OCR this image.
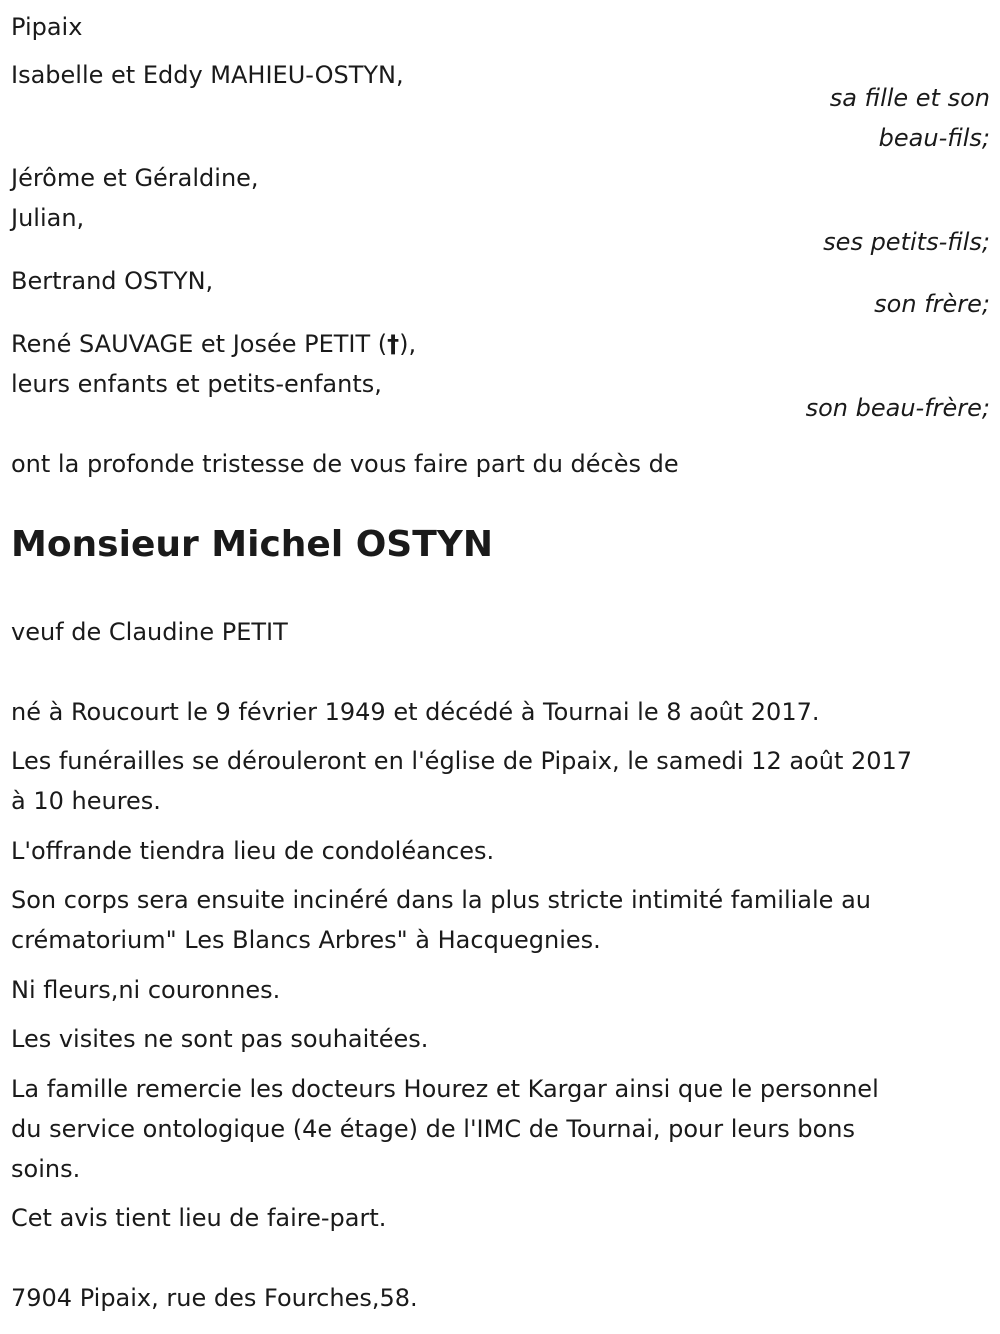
Pipaix
Isabelle et Eddy MAHIEU-OSTYN,
sa fille et son
beau-fils;
Jérôme et Géraldine,
Julian,
ses petits-fils;
Bertrand OSTYN,
son frère;
René SAUVAGE et Josée PETIT (†),
leurs enfants et petits-enfants,
son beau-frère;
ont la profonde tristesse de vous faire part du décès de
Monsieur Michel OSTYN
veuf de Claudine PETIT
né à Roucourt le 9 février 1949 et décédé à Tournai le 8 août 2017.
Les funérailles se dérouleront en l'église de Pipaix, le samedi 12 août 2017
à 10 heures.
L'offrande tiendra lieu de condoléances.
Son corps sera ensuite inciné́ré dans la plus stricte intimité familiale au
crématorium" Les Blancs Arbres" à Hacquegnies.
Ni fleurs,ni couronnes.
Les visites ne sont pas souhaitées.
La famille remercie les docteurs Hourez et Kargar ainsi que le personnel
du service ontologique (4e étage) de l'IMC de Tournai, pour leurs bons
soins.
Cet avis tient lieu de faire-part.
7904 Pipaix, rue des Fourches,58.
